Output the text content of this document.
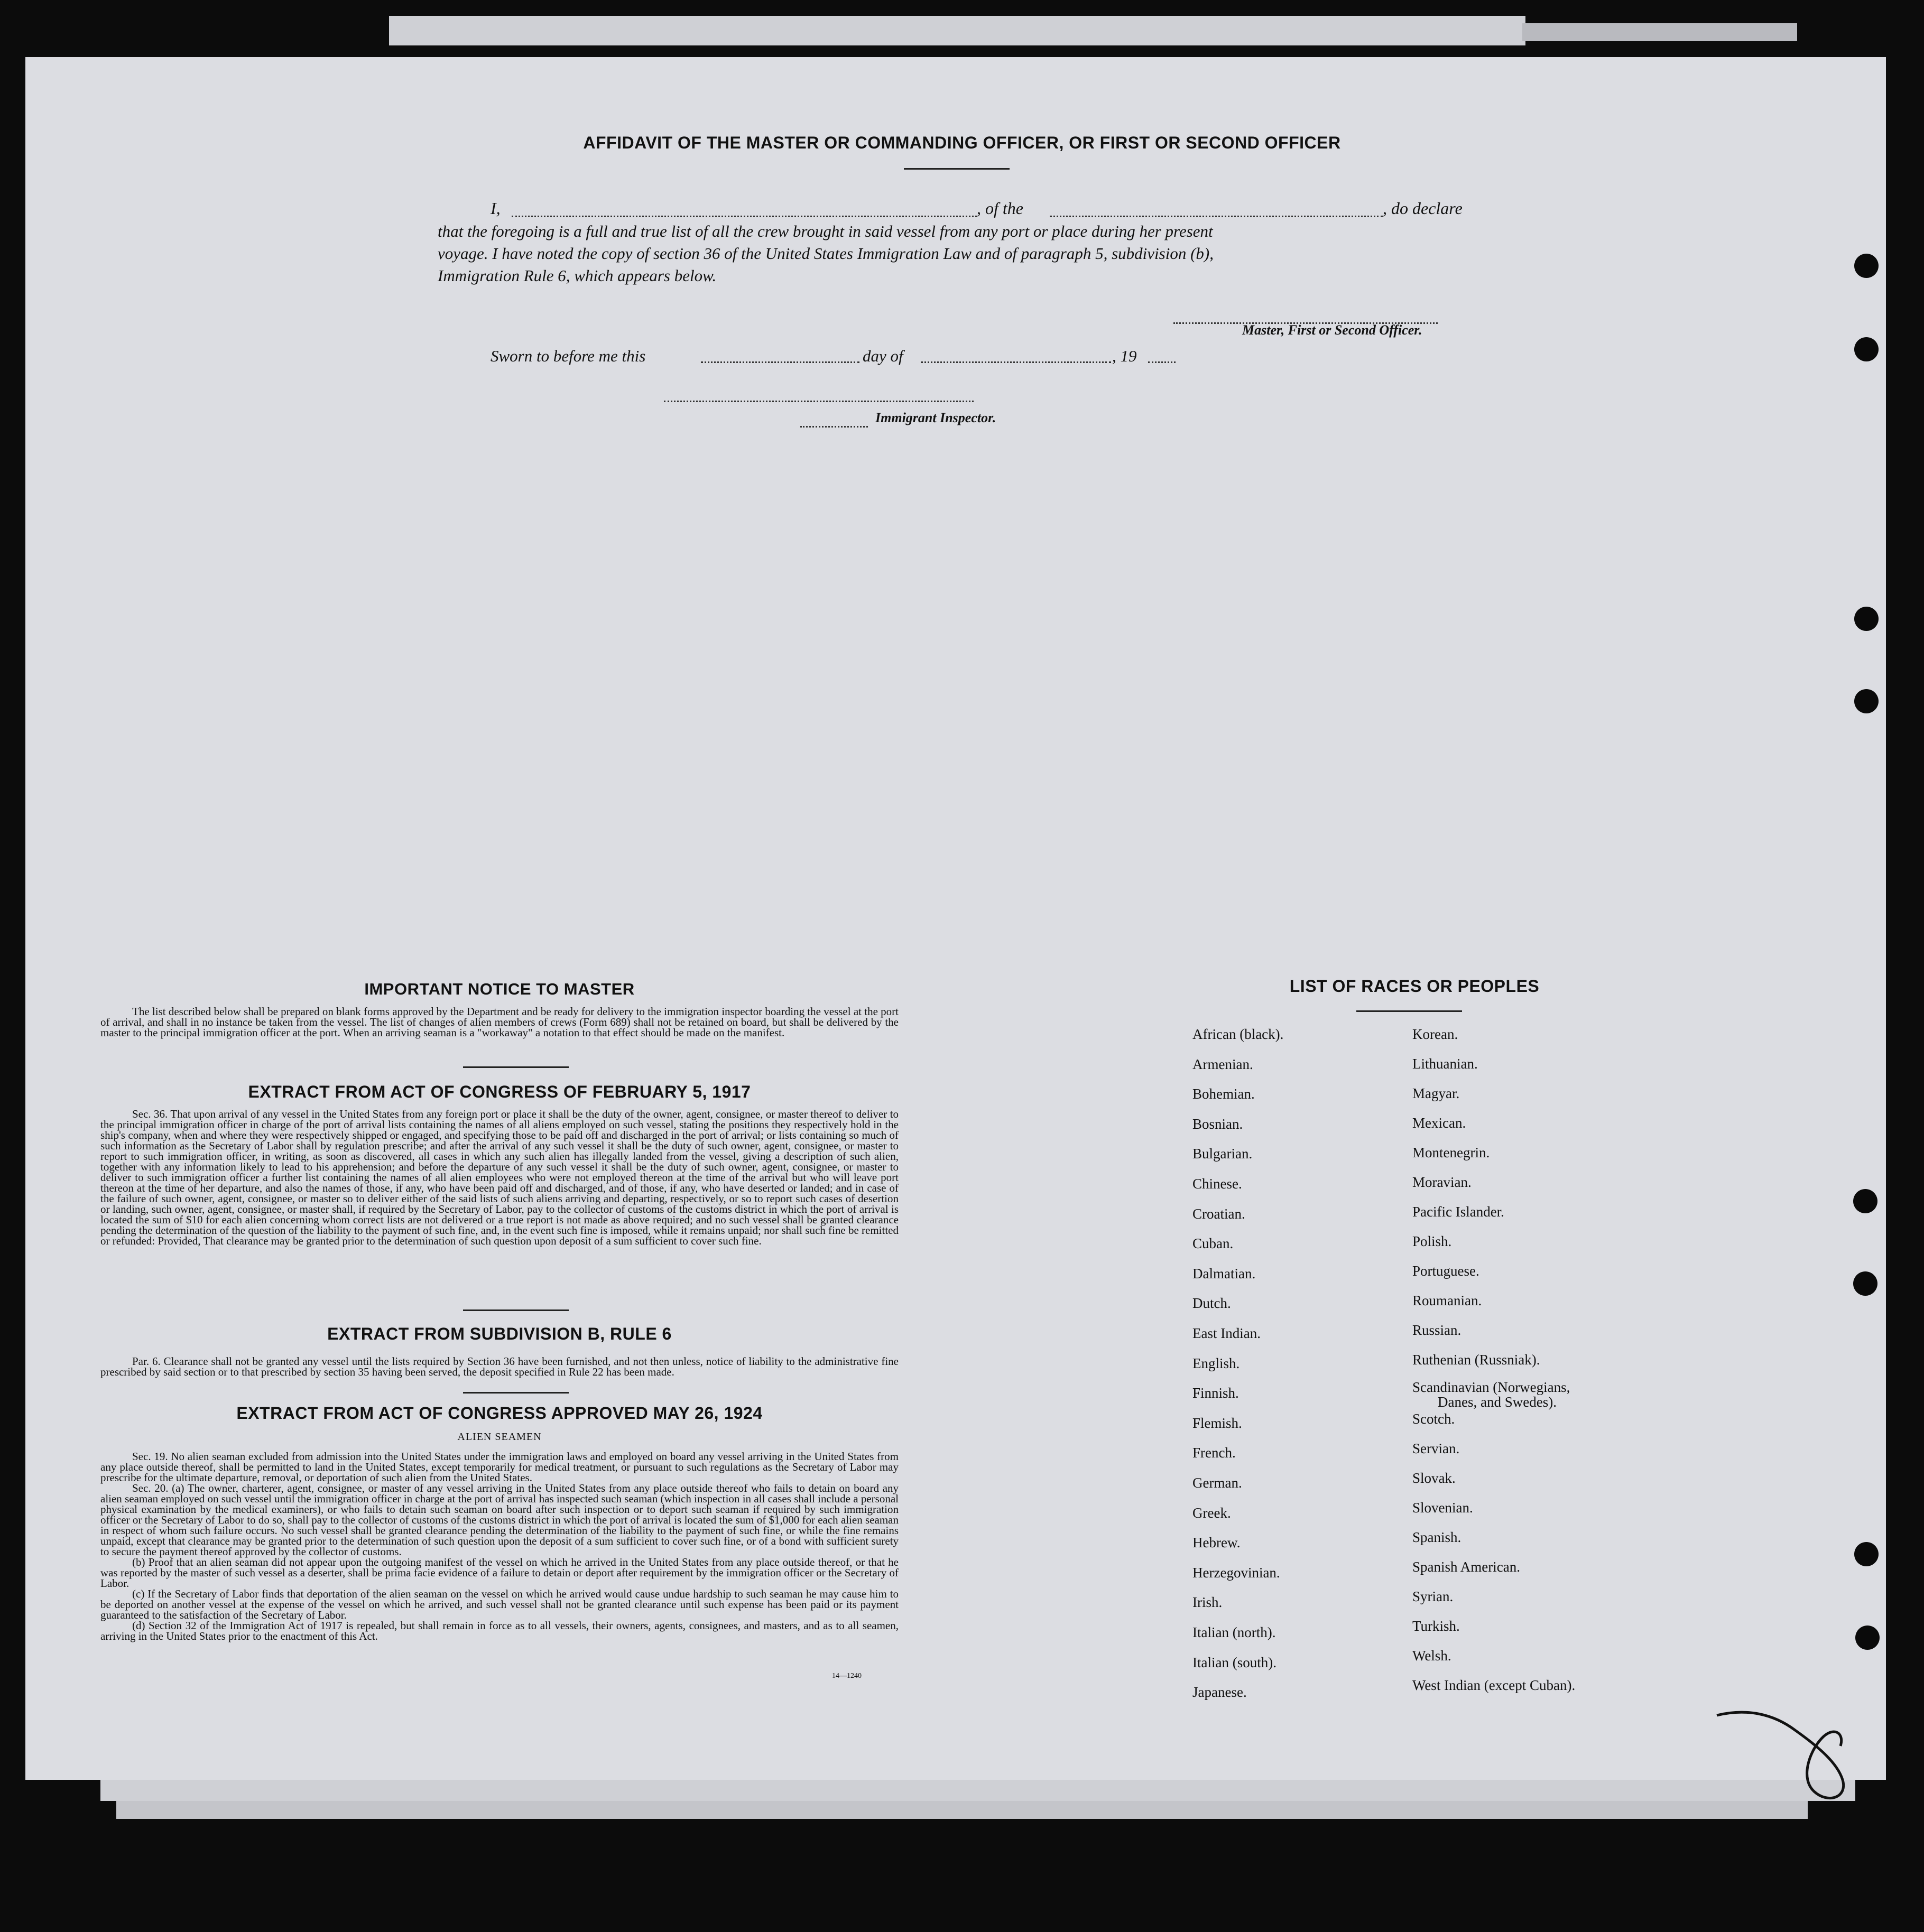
AFFIDAVIT OF THE MASTER OR COMMANDING OFFICER, OR FIRST OR SECOND OFFICER
I,	, of the	, do declare
that the foregoing is a full and true list of all the crew brought in said vessel from any port or place during her present
voyage. I have noted the copy of section 36 of the United States Immigration Law and of paragraph 5, subdivision (b),
Immigration Rule 6, which appears below.
Master, First or Second Officer.
Sworn to before me this	day of	, 19
Immigrant Inspector.
IMPORTANT NOTICE TO MASTER
The list described below shall be prepared on blank forms approved by the Department and be ready for delivery to the immigration inspector boarding the vessel at the port of arrival, and shall in no instance be taken from the vessel. The list of changes of alien members of crews (Form 689) shall not be retained on board, but shall be delivered by the master to the principal immigration officer at the port. When an arriving seaman is a "workaway" a notation to that effect should be made on the manifest.
EXTRACT FROM ACT OF CONGRESS OF FEBRUARY 5, 1917
Sec. 36. That upon arrival of any vessel in the United States from any foreign port or place it shall be the duty of the owner, agent, consignee, or master thereof to deliver to the principal immigration officer in charge of the port of arrival lists containing the names of all aliens employed on such vessel, stating the positions they respectively hold in the ship's company, when and where they were respectively shipped or engaged, and specifying those to be paid off and discharged in the port of arrival; or lists containing so much of such information as the Secretary of Labor shall by regulation prescribe; and after the arrival of any such vessel it shall be the duty of such owner, agent, consignee, or master to report to such immigration officer, in writing, as soon as discovered, all cases in which any such alien has illegally landed from the vessel, giving a description of such alien, together with any information likely to lead to his apprehension; and before the departure of any such vessel it shall be the duty of such owner, agent, consignee, or master to deliver to such immigration officer a further list containing the names of all alien employees who were not employed thereon at the time of the arrival but who will leave port thereon at the time of her departure, and also the names of those, if any, who have been paid off and discharged, and of those, if any, who have deserted or landed; and in case of the failure of such owner, agent, consignee, or master so to deliver either of the said lists of such aliens arriving and departing, respectively, or so to report such cases of desertion or landing, such owner, agent, consignee, or master shall, if required by the Secretary of Labor, pay to the collector of customs of the customs district in which the port of arrival is located the sum of $10 for each alien concerning whom correct lists are not delivered or a true report is not made as above required; and no such vessel shall be granted clearance pending the determination of the question of the liability to the payment of such fine, and, in the event such fine is imposed, while it remains unpaid; nor shall such fine be remitted or refunded: Provided, That clearance may be granted prior to the determination of such question upon deposit of a sum sufficient to cover such fine.
EXTRACT FROM SUBDIVISION B, RULE 6
Par. 6. Clearance shall not be granted any vessel until the lists required by Section 36 have been furnished, and not then unless, notice of liability to the administrative fine prescribed by said section or to that prescribed by section 35 having been served, the deposit specified in Rule 22 has been made.
EXTRACT FROM ACT OF CONGRESS APPROVED MAY 26, 1924
ALIEN SEAMEN
Sec. 19. No alien seaman excluded from admission into the United States under the immigration laws and employed on board any vessel arriving in the United States from any place outside thereof, shall be permitted to land in the United States, except temporarily for medical treatment, or pursuant to such regulations as the Secretary of Labor may prescribe for the ultimate departure, removal, or deportation of such alien from the United States.
Sec. 20. (a) The owner, charterer, agent, consignee, or master of any vessel arriving in the United States from any place outside thereof who fails to detain on board any alien seaman employed on such vessel until the immigration officer in charge at the port of arrival has inspected such seaman (which inspection in all cases shall include a personal physical examination by the medical examiners), or who fails to detain such seaman on board after such inspection or to deport such seaman if required by such immigration officer or the Secretary of Labor to do so, shall pay to the collector of customs of the customs district in which the port of arrival is located the sum of $1,000 for each alien seaman in respect of whom such failure occurs. No such vessel shall be granted clearance pending the determination of the liability to the payment of such fine, or while the fine remains unpaid, except that clearance may be granted prior to the determination of such question upon the deposit of a sum sufficient to cover such fine, or of a bond with sufficient surety to secure the payment thereof approved by the collector of customs.
(b) Proof that an alien seaman did not appear upon the outgoing manifest of the vessel on which he arrived in the United States from any place outside thereof, or that he was reported by the master of such vessel as a deserter, shall be prima facie evidence of a failure to detain or deport after requirement by the immigration officer or the Secretary of Labor.
(c) If the Secretary of Labor finds that deportation of the alien seaman on the vessel on which he arrived would cause undue hardship to such seaman he may cause him to be deported on another vessel at the expense of the vessel on which he arrived, and such vessel shall not be granted clearance until such expense has been paid or its payment guaranteed to the satisfaction of the Secretary of Labor.
(d) Section 32 of the Immigration Act of 1917 is repealed, but shall remain in force as to all vessels, their owners, agents, consignees, and masters, and as to all seamen, arriving in the United States prior to the enactment of this Act.
14—1240
LIST OF RACES OR PEOPLES
African (black).
Armenian.
Bohemian.
Bosnian.
Bulgarian.
Chinese.
Croatian.
Cuban.
Dalmatian.
Dutch.
East Indian.
English.
Finnish.
Flemish.
French.
German.
Greek.
Hebrew.
Herzegovinian.
Irish.
Italian (north).
Italian (south).
Japanese.
Korean.
Lithuanian.
Magyar.
Mexican.
Montenegrin.
Moravian.
Pacific Islander.
Polish.
Portuguese.
Roumanian.
Russian.
Ruthenian (Russniak).
Scandinavian (Norwegians,
Danes, and Swedes).
Scotch.
Servian.
Slovak.
Slovenian.
Spanish.
Spanish American.
Syrian.
Turkish.
Welsh.
West Indian (except Cuban).
